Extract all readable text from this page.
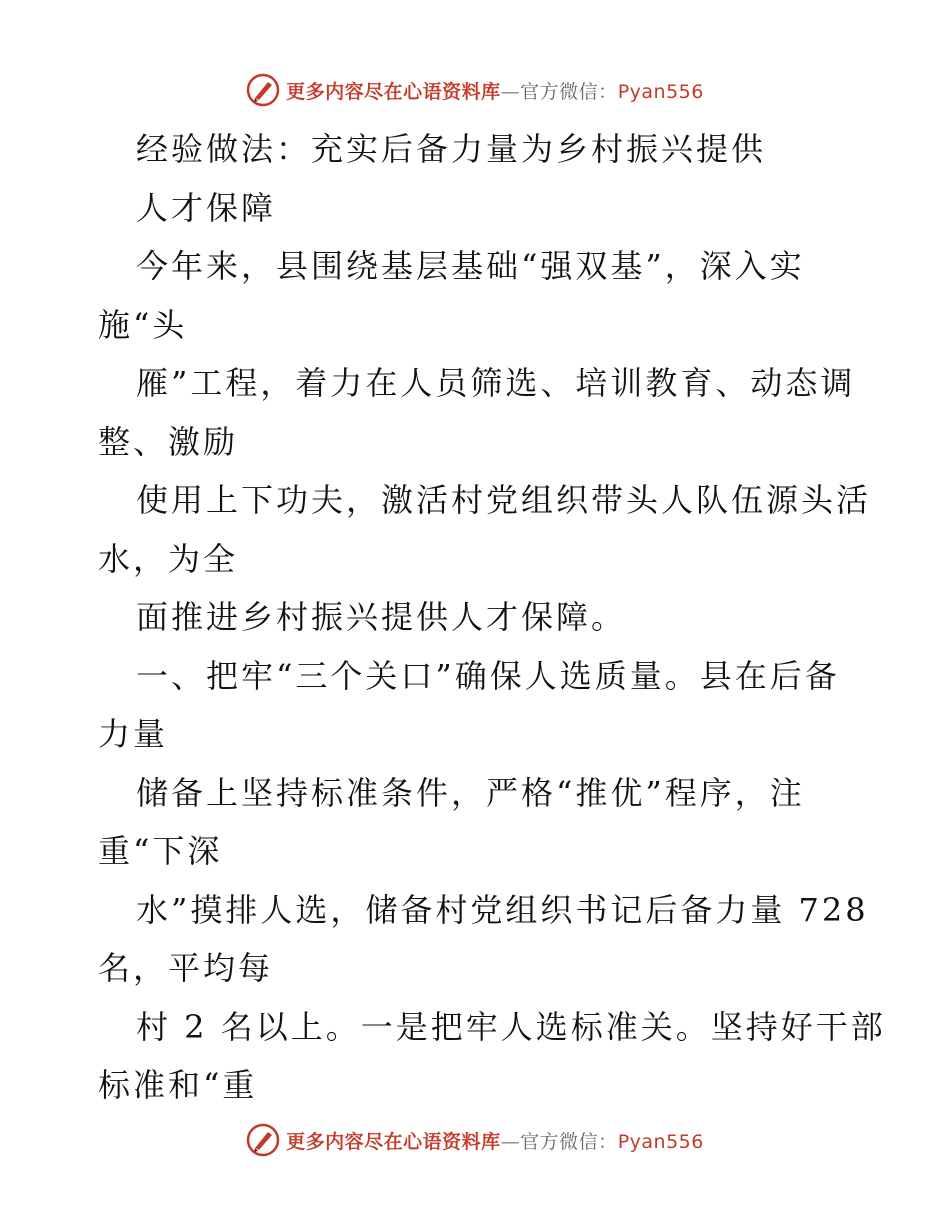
更多内容尽在心语资料库—官方微信：Pyan556
经验做法：充实后备力量为乡村振兴提供
人才保障
今年来，县围绕基层基础“强双基”，深入实
施“头
雁”工程，着力在人员筛选、培训教育、动态调
整、激励
使用上下功夫，激活村党组织带头人队伍源头活
水，为全
面推进乡村振兴提供人才保障。
一、把牢“三个关口”确保人选质量。县在后备
力量
储备上坚持标准条件，严格“推优”程序，注
重“下深
水”摸排人选，储备村党组织书记后备力量 728
名，平均每
村 2 名以上。一是把牢人选标准关。坚持好干部
标准和“重
更多内容尽在心语资料库—官方微信：Pyan556
